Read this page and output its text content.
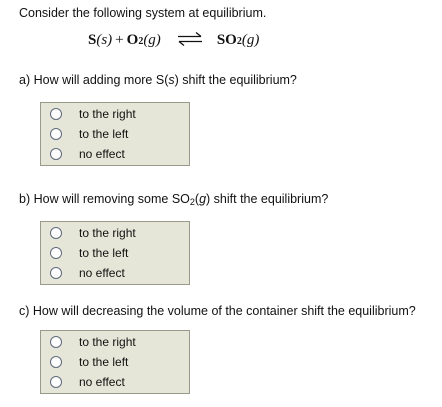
Consider the following system at equilibrium.
S (s) + O 2 (g) ⇌ SO 2 (g)
a) How will adding more S(s) shift the equilibrium?
to the right
to the left
no effect
b) How will removing some $SO_2(g)$ shift the equilibrium?
to the right
to the left
no effect
c) How will decreasing the volume of the container shift the equilibrium?
to the right
to the left
no effect
